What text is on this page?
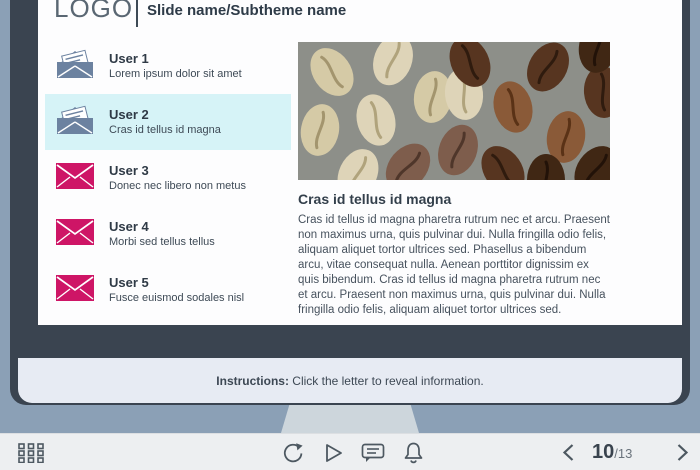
LOGO Slide name/Subtheme name
User 1
Lorem ipsum dolor sit amet
User 2
Cras id tellus id magna
User 3
Donec nec libero non metus
User 4
Morbi sed tellus tellus
User 5
Fusce euismod sodales nisl
Cras id tellus id magna
Cras id tellus id magna pharetra rutrum nec et arcu. Praesent non maximus urna, quis pulvinar dui. Nulla fringilla odio felis, aliquam aliquet tortor ultrices sed. Phasellus a bibendum arcu, vitae consequat nulla. Aenean porttitor dignissim ex quis bibendum. Cras id tellus id magna pharetra rutrum nec et arcu. Praesent non maximus urna, quis pulvinar dui. Nulla fringilla odio felis, aliquam aliquet tortor ultrices sed.
Instructions: Click the letter to reveal information.
10/13
